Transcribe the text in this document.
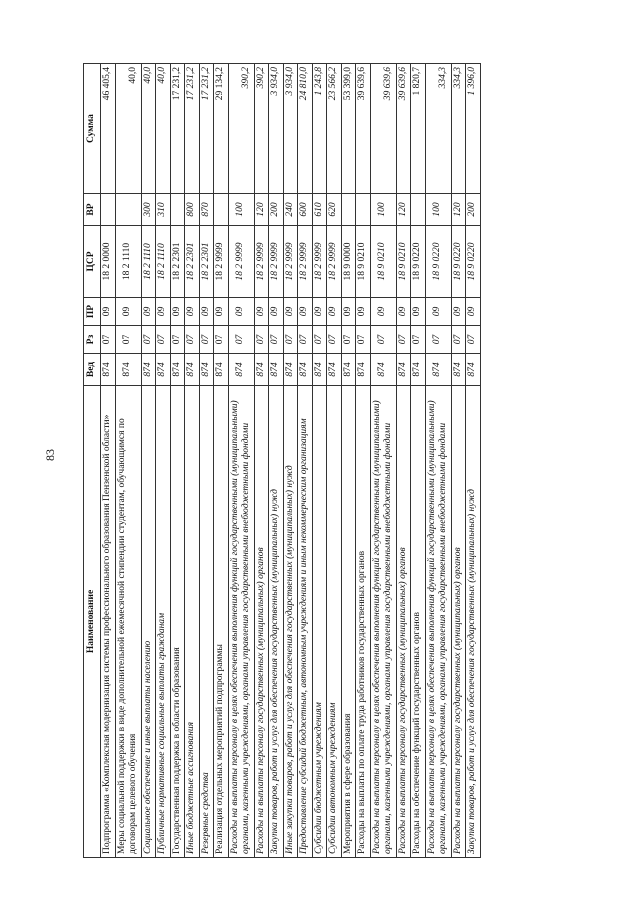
83
Наименование	Вед	Рз	ПР	ЦСР	ВР	Сумма
Подпрограмма «Комплексная модернизация системы профессионального образования Пензенской области»	874	07	09	18 2 0000		46 405,4
Меры социальной поддержки в виде дополнительной ежемесячной стипендии студентам, обучающимся по договорам целевого обучения	874	07	09	18 2 1110		40,0
Социальное обеспечение и иные выплаты населению	874	07	09	18 2 1110	300	40,0
Публичные нормативные социальные выплаты гражданам	874	07	09	18 2 1110	310	40,0
Государственная поддержка в области образования	874	07	09	18 2 2301		17 231,2
Иные бюджетные ассигнования	874	07	09	18 2 2301	800	17 231,2
Резервные средства	874	07	09	18 2 2301	870	17 231,2
Реализация отдельных мероприятий подпрограммы	874	07	09	18 2 9999		29 134,2
Расходы на выплаты персоналу в целях обеспечения выполнения функций государственными (муниципальными) органами, казенными учреждениями, органами управления государственными внебюджетными фондами	874	07	09	18 2 9999	100	390,2
Расходы на выплаты персоналу государственных (муниципальных) органов	874	07	09	18 2 9999	120	390,2
Закупка товаров, работ и услуг для обеспечения государственных (муниципальных) нужд	874	07	09	18 2 9999	200	3 934,0
Иные закупки товаров, работ и услуг для обеспечения государственных (муниципальных) нужд	874	07	09	18 2 9999	240	3 934,0
Предоставление субсидий бюджетным, автономным учреждениям и иным некоммерческим организациям	874	07	09	18 2 9999	600	24 810,0
Субсидии бюджетным учреждениям	874	07	09	18 2 9999	610	1 243,8
Субсидии автономным учреждениям	874	07	09	18 2 9999	620	23 566,2
Мероприятия в сфере образования	874	07	09	18 9 0000		53 399,0
Расходы на выплаты по оплате труда работников государственных органов	874	07	09	18 9 0210		39 639,6
Расходы на выплаты персоналу в целях обеспечения выполнения функций государственными (муниципальными) органами, казенными учреждениями, органами управления государственными внебюджетными фондами	874	07	09	18 9 0210	100	39 639,6
Расходы на выплаты персоналу государственных (муниципальных) органов	874	07	09	18 9 0210	120	39 639,6
Расходы на обеспечение функций государственных органов	874	07	09	18 9 0220		1 820,7
Расходы на выплаты персоналу в целях обеспечения выполнения функций государственными (муниципальными) органами, казенными учреждениями, органами управления государственными внебюджетными фондами	874	07	09	18 9 0220	100	334,3
Расходы на выплаты персоналу государственных (муниципальных) органов	874	07	09	18 9 0220	120	334,3
Закупка товаров, работ и услуг для обеспечения государственных (муниципальных) нужд	874	07	09	18 9 0220	200	1 396,0
